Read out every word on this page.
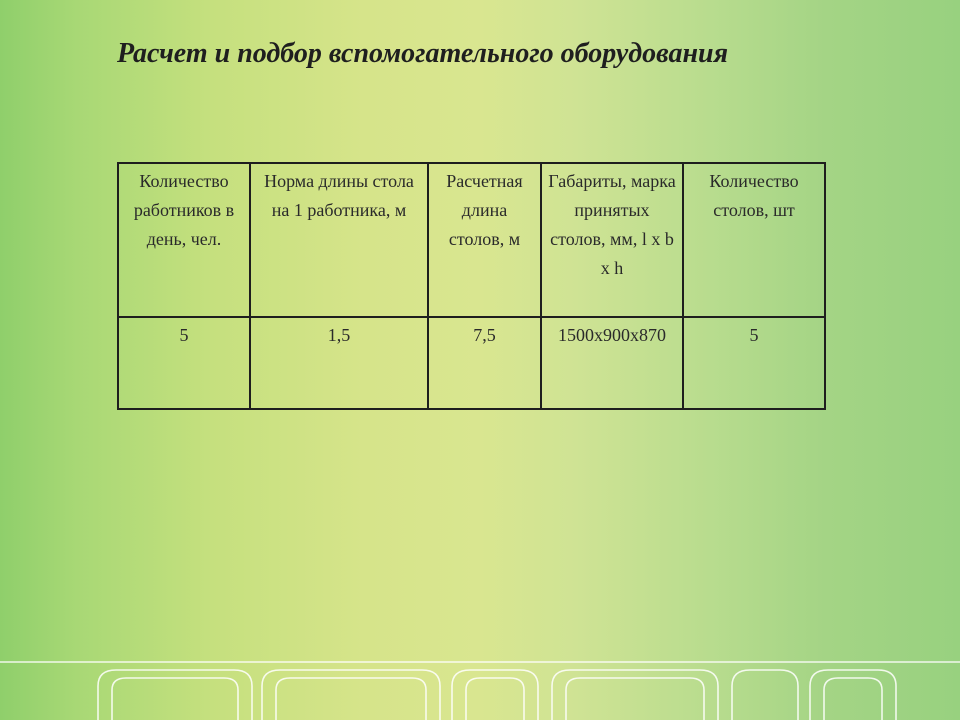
Расчет и подбор вспомогательного оборудования
Количество работников в день, чел.	Норма длины стола на 1 работника, м	Расчетная длина столов, м	Габариты, марка принятых столов, мм, l x b x h	Количество столов, шт
5	1,5	7,5	1500x900x870	5
